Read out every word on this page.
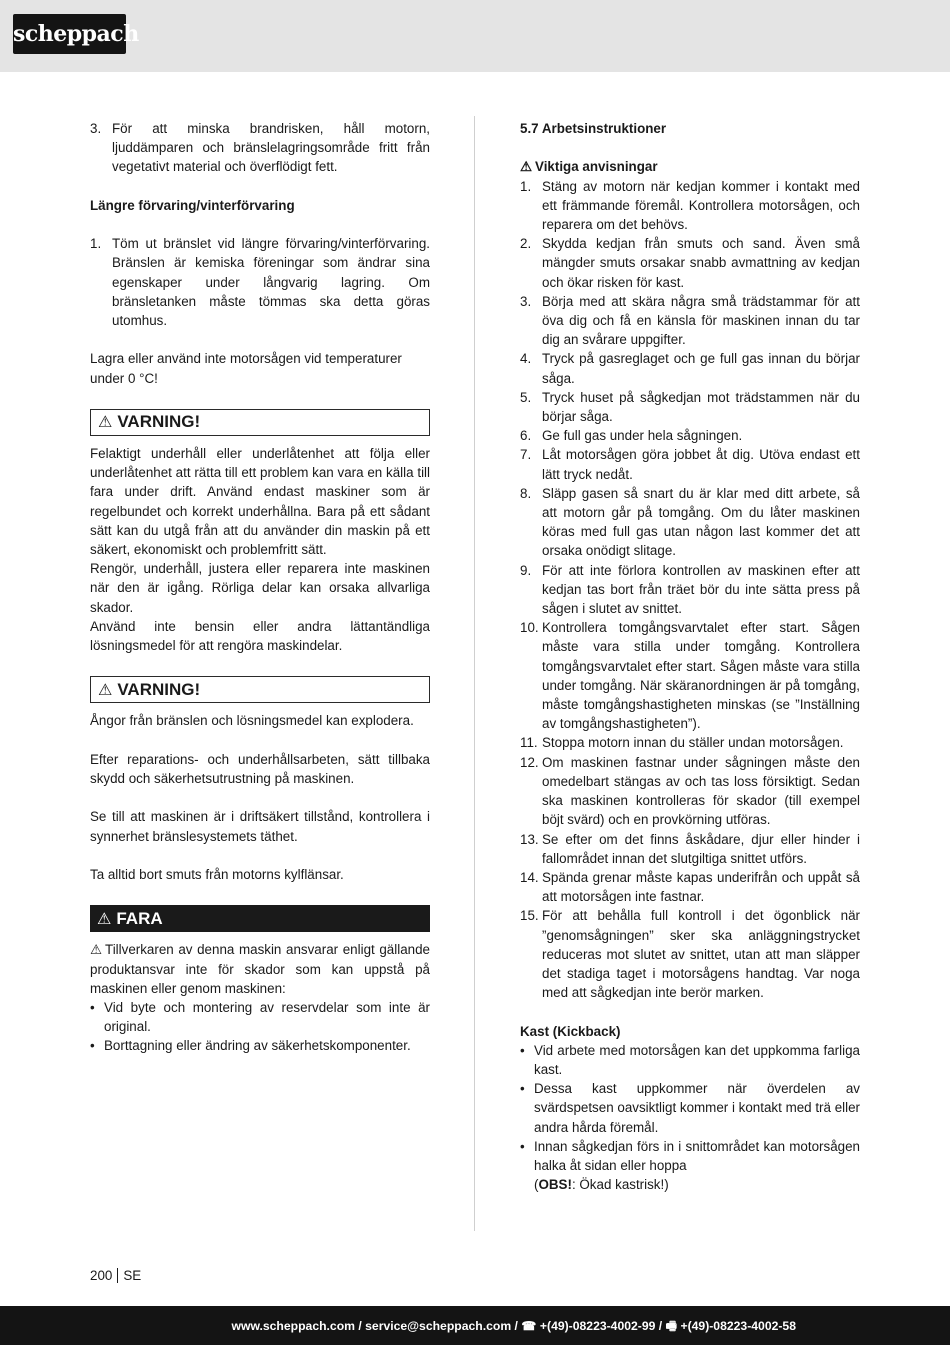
scheppach
3. För att minska brandrisken, håll motorn, ljuddämparen och bränslelagringsområde fritt från vegetativt material och överflödigt fett.

Längre förvaring/vinterförvaring

1. Töm ut bränslet vid längre förvaring/vinterförvaring. Bränslen är kemiska föreningar som ändrar sina egenskaper under långvarig lagring. Om bränsletanken måste tömmas ska detta göras utomhus.

Lagra eller använd inte motorsågen vid temperaturer under 0 °C!

⚠ VARNING!

Felaktigt underhåll eller underlåtenhet att följa eller underlåtenhet att rätta till ett problem kan vara en källa till fara under drift. Använd endast maskiner som är regelbundet och korrekt underhållna. Bara på ett sådant sätt kan du utgå från att du använder din maskin på ett säkert, ekonomiskt och problemfritt sätt.

Rengör, underhåll, justera eller reparera inte maskinen när den är igång. Rörliga delar kan orsaka allvarliga skador.

Använd inte bensin eller andra lättantändliga lösningsmedel för att rengöra maskindelar.

⚠ VARNING!

Ångor från bränslen och lösningsmedel kan explodera.

Efter reparations- och underhållsarbeten, sätt tillbaka skydd och säkerhetsutrustning på maskinen.

Se till att maskinen är i driftsäkert tillstånd, kontrollera i synnerhet bränslesystemets täthet.

Ta alltid bort smuts från motorns kylflänsar.

⚠ FARA

⚠ Tillverkaren av denna maskin ansvarar enligt gällande produktansvar inte för skador som kan uppstå på maskinen eller genom maskinen:

• Vid byte och montering av reservdelar som inte är original.
• Borttagning eller ändring av säkerhetskomponenter.

5.7 Arbetsinstruktioner

⚠ Viktiga anvisningar

1. Stäng av motorn när kedjan kommer i kontakt med ett främmande föremål. Kontrollera motorsågen, och reparera om det behövs.
2. Skydda kedjan från smuts och sand. Även små mängder smuts orsakar snabb avmattning av kedjan och ökar risken för kast.
3. Börja med att skära några små trädstammar för att öva dig och få en känsla för maskinen innan du tar dig an svårare uppgifter.
4. Tryck på gasreglaget och ge full gas innan du börjar såga.
5. Tryck huset på sågkedjan mot trädstammen när du börjar såga.
6. Ge full gas under hela sågningen.
7. Låt motorsågen göra jobbet åt dig. Utöva endast ett lätt tryck nedåt.
8. Släpp gasen så snart du är klar med ditt arbete, så att motorn går på tomgång. Om du låter maskinen köras med full gas utan någon last kommer det att orsaka onödigt slitage.
9. För att inte förlora kontrollen av maskinen efter att kedjan tas bort från träet bör du inte sätta press på sågen i slutet av snittet.
10. Kontrollera tomgångsvarvtalet efter start. Sågen måste vara stilla under tomgång. Kontrollera tomgångsvarvtalet efter start. Sågen måste vara stilla under tomgång. När skäranordningen är på tomgång, måste tomgångshastigheten minskas (se ”Inställning av tomgångshastigheten”).
11. Stoppa motorn innan du ställer undan motorsågen.
12. Om maskinen fastnar under sågningen måste den omedelbart stängas av och tas loss försiktigt. Sedan ska maskinen kontrolleras för skador (till exempel böjt svärd) och en provkörning utföras.
13. Se efter om det finns åskådare, djur eller hinder i fallområdet innan det slutgiltiga snittet utförs.
14. Spända grenar måste kapas underifrån och uppåt så att motorsågen inte fastnar.
15. För att behålla full kontroll i det ögonblick när ”genomsågningen” sker ska anläggningstrycket reduceras mot slutet av snittet, utan att man släpper det stadiga taget i motorsågens handtag. Var noga med att sågkedjan inte berör marken.

Kast (Kickback)

• Vid arbete med motorsågen kan det uppkomma farliga kast.
• Dessa kast uppkommer när överdelen av svärdspetsen oavsiktligt kommer i kontakt med trä eller andra hårda föremål.
• Innan sågkedjan förs in i snittområdet kan motorsågen halka åt sidan eller hoppa
(OBS!: Ökad kastrisk!)
200 SE
www.scheppach.com / service@scheppach.com / ☎ +(49)-08223-4002-99 / 🖷 +(49)-08223-4002-58
